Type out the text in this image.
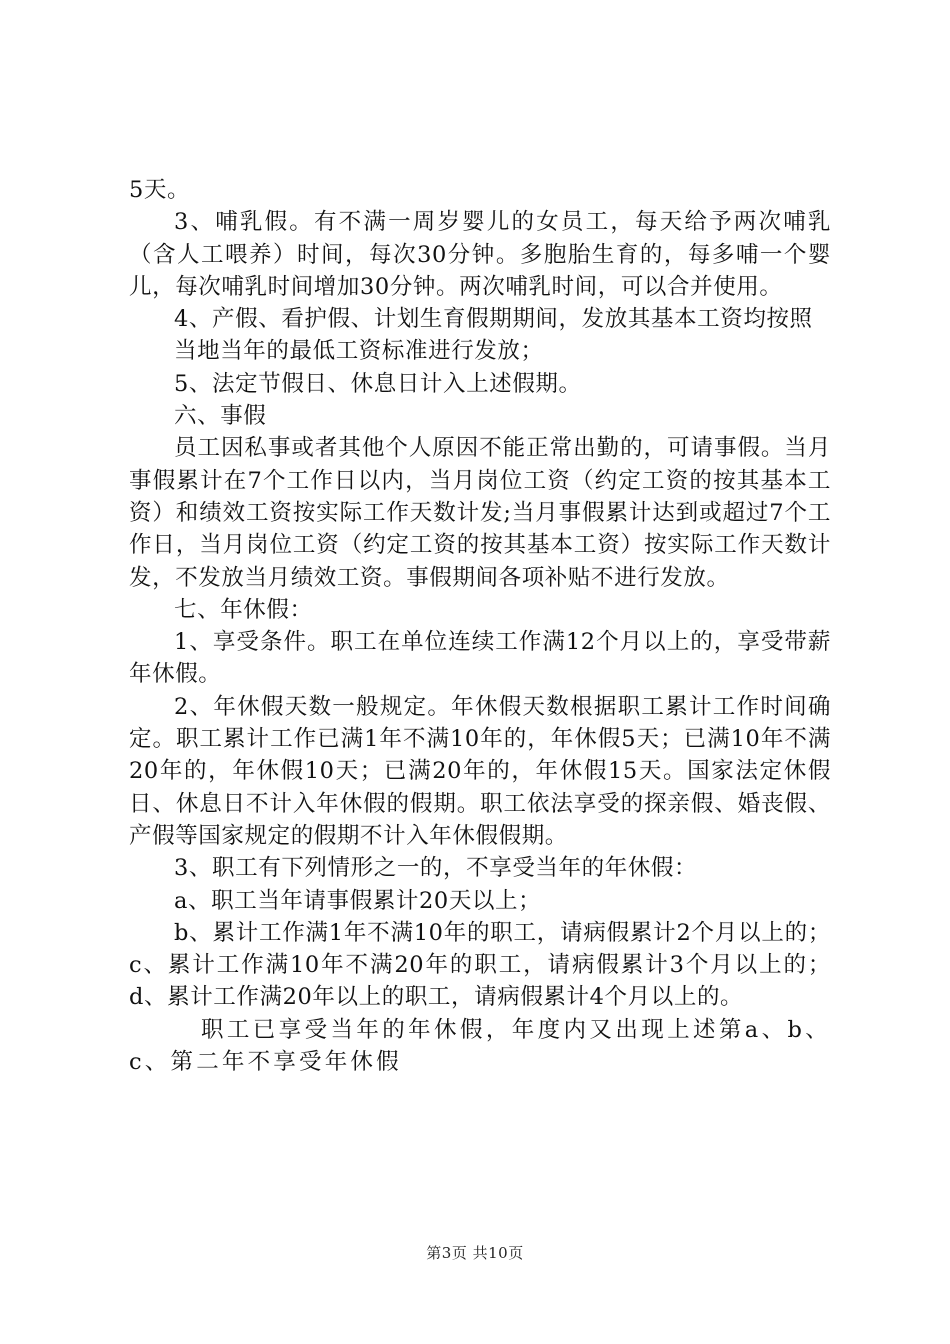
5天。

3、哺乳假。有不满一周岁婴儿的女员工，每天给予两次哺乳（含人工喂养）时间，每次30分钟。多胞胎生育的，每多哺一个婴儿，每次哺乳时间增加30分钟。两次哺乳时间，可以合并使用。

4、产假、看护假、计划生育假期期间，发放其基本工资均按照

当地当年的最低工资标准进行发放；

5、法定节假日、休息日计入上述假期。

六、事假

员工因私事或者其他个人原因不能正常出勤的，可请事假。当月事假累计在7个工作日以内，当月岗位工资（约定工资的按其基本工资）和绩效工资按实际工作天数计发;当月事假累计达到或超过7个工作日，当月岗位工资（约定工资的按其基本工资）按实际工作天数计发，不发放当月绩效工资。事假期间各项补贴不进行发放。

七、年休假：

1、享受条件。职工在单位连续工作满12个月以上的，享受带薪年休假。

2、年休假天数一般规定。年休假天数根据职工累计工作时间确定。职工累计工作已满1年不满10年的，年休假5天；已满10年不满20年的，年休假10天；已满20年的，年休假15天。国家法定休假日、休息日不计入年休假的假期。职工依法享受的探亲假、婚丧假、产假等国家规定的假期不计入年休假假期。

3、职工有下列情形之一的，不享受当年的年休假：

a、职工当年请事假累计20天以上；

b、累计工作满1年不满10年的职工，请病假累计2个月以上的；c、累计工作满10年不满20年的职工，请病假累计3个月以上的；d、累计工作满20年以上的职工，请病假累计4个月以上的。

职工已享受当年的年休假，年度内又出现上述第a、b、c、第二年不享受年休假

第3页 共10页
